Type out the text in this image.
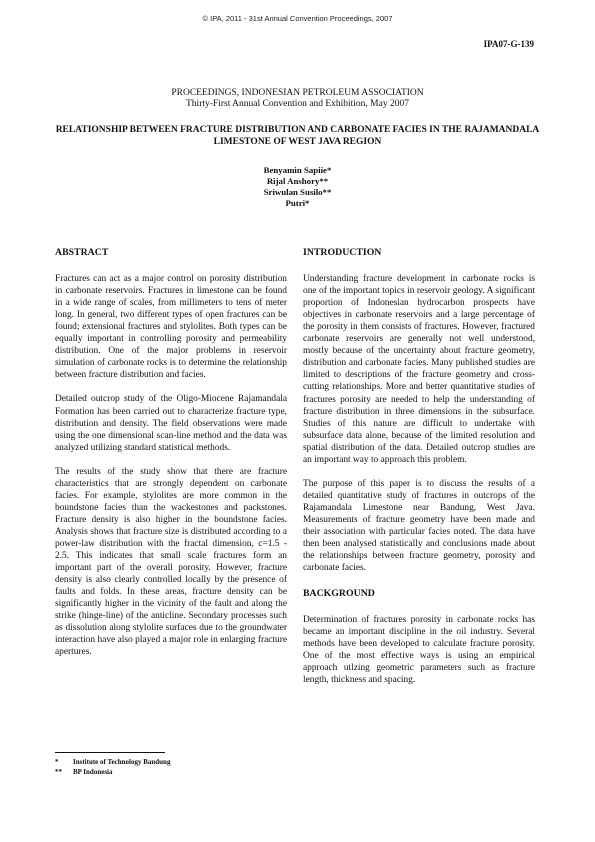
© IPA, 2011 - 31st Annual Convention Proceedings, 2007
IPA07-G-139
PROCEEDINGS, INDONESIAN PETROLEUM ASSOCIATION
Thirty-First Annual Convention and Exhibition, May 2007
RELATIONSHIP BETWEEN FRACTURE DISTRIBUTION AND CARBONATE FACIES IN THE RAJAMANDALA LIMESTONE OF WEST JAVA REGION
Benyamin Sapiie*
Rijal Anshory**
Sriwulan Susilo**
Putri*
ABSTRACT

Fractures can act as a major control on porosity distribution in carbonate reservoirs. Fractures in limestone can be found in a wide range of scales, from millimeters to tens of meter long. In general, two different types of open fractures can be found; extensional fractures and stylolites. Both types can be equally important in controlling porosity and permeability distribution. One of the major problems in reservoir simulation of carbonate rocks is to determine the relationship between fracture distribution and facies.

Detailed outcrop study of the Oligo-Miocene Rajamandala Formation has been carried out to characterize fracture type, distribution and density. The field observations were made using the one dimensional scan-line method and the data was analyzed utilizing standard statistical methods.

The results of the study show that there are fracture characteristics that are strongly dependent on carbonate facies. For example, stylolites are more common in the boundstone facies than the wackestones and packstones. Fracture density is also higher in the boundstone facies. Analysis shows that fracture size is distributed according to a power-law distribution with the fractal dimension, c=1.5 - 2.5. This indicates that small scale fractures form an important part of the overall porosity. However, fracture density is also clearly controlled locally by the presence of faults and folds. In these areas, fracture density can be significantly higher in the vicinity of the fault and along the strike (hinge-line) of the anticline. Secondary processes such as dissolution along stylolite surfaces due to the groundwater interaction have also played a major role in enlarging fracture apertures.

INTRODUCTION

Understanding fracture development in carbonate rocks is one of the important topics in reservoir geology. A significant proportion of Indonesian hydrocarbon prospects have objectives in carbonate reservoirs and a large percentage of the porosity in them consists of fractures. However, fractured carbonate reservoirs are generally not well understood, mostly because of the uncertainty about fracture geometry, distribution and carbonate facies. Many published studies are limited to descriptions of the fracture geometry and cross-cutting relationships. More and better quantitative studies of fractures porosity are needed to help the understanding of fracture distribution in three dimensions in the subsurface. Studies of this nature are difficult to undertake with subsurface data alone, because of the limited resolution and spatial distribution of the data. Detailed outcrop studies are an important way to approach this problem.

The purpose of this paper is to discuss the results of a detailed quantitative study of fractures in outcrops of the Rajamandala Limestone near Bandung, West Java. Measurements of fracture geometry have been made and their association with particular facies noted. The data have then been analysed statistically and conclusions made about the relationships between fracture geometry, porosity and carbonate facies.

BACKGROUND

Determination of fractures porosity in carbonate rocks has became an important discipline in the oil industry. Several methods have been developed to calculate fracture porosity. One of the most effective ways is using an empirical approach utlzing geometric parameters such as fracture length, thickness and spacing.

* Institute of Technology Bandung
** BP Indonesia
